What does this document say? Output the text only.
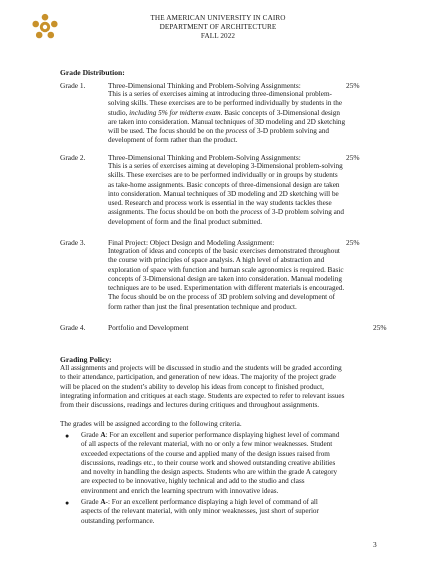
THE AMERICAN UNIVERSITY IN CAIRO
DEPARTMENT OF ARCHITECTURE
FALL 2022
Grade Distribution:
Grade 1.	Three-Dimensional Thinking and Problem-Solving Assignments:	25%
This is a series of exercises aiming at introducing three-dimensional problem-
solving skills. These exercises are to be performed individually by students in the
studio, including 5% for midterm exam. Basic concepts of 3-Dimensional design
are taken into consideration. Manual techniques of 3D modeling and 2D sketching
will be used. The focus should be on the process of 3-D problem solving and
development of form rather than the product.
Grade 2.	Three-Dimensional Thinking and Problem-Solving Assignments:	25%
This is a series of exercises aiming at developing 3-Dimensional problem-solving
skills. These exercises are to be performed individually or in groups by students
as take-home assignments. Basic concepts of three-dimensional design are taken
into consideration. Manual techniques of 3D modeling and 2D sketching will be
used. Research and process work is essential in the way students tackles these
assignments. The focus should be on both the process of 3-D problem solving and
development of form and the final product submitted.
Grade 3.	Final Project: Object Design and Modeling Assignment:	25%
Integration of ideas and concepts of the basic exercises demonstrated throughout
the course with principles of space analysis. A high level of abstraction and
exploration of space with function and human scale agronomics is required. Basic
concepts of 3-Dimensional design are taken into consideration. Manual modeling
techniques are to be used. Experimentation with different materials is encouraged.
The focus should be on the process of 3D problem solving and development of
form rather than just the final presentation technique and product.
Grade 4.	Portfolio and Development	25%
Grading Policy:
All assignments and projects will be discussed in studio and the students will be graded according
to their attendance, participation, and generation of new ideas. The majority of the project grade
will be placed on the student’s ability to develop his ideas from concept to finished product,
integrating information and critiques at each stage. Students are expected to refer to relevant issues
from their discussions, readings and lectures during critiques and throughout assignments.
The grades will be assigned according to the following criteria.
● Grade A: For an excellent and superior performance displaying highest level of command
of all aspects of the relevant material, with no or only a few minor weaknesses. Student
exceeded expectations of the course and applied many of the design issues raised from
discussions, readings etc., to their course work and showed outstanding creative abilities
and novelty in handling the design aspects. Students who are within the grade A category
are expected to be innovative, highly technical and add to the studio and class
environment and enrich the learning spectrum with innovative ideas.
● Grade A-: For an excellent performance displaying a high level of command of all
aspects of the relevant material, with only minor weaknesses, just short of superior
outstanding performance.
3
